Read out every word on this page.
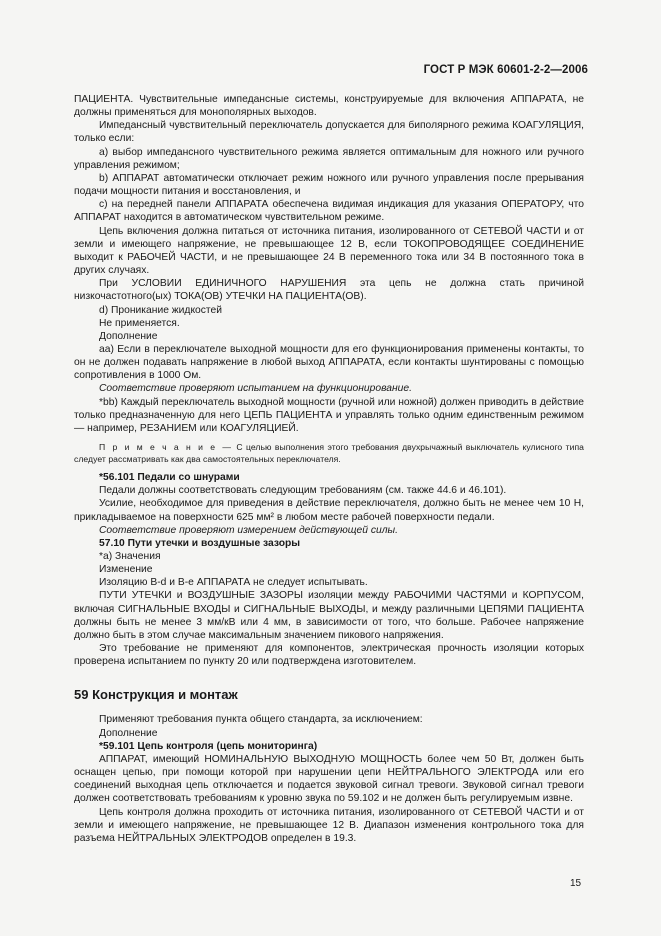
ГОСТ Р МЭК 60601-2-2—2006

ПАЦИЕНТА. Чувствительные импедансные системы, конструируемые для включения АППАРАТА, не должны применяться для монополярных выходов.

Импедансный чувствительный переключатель допускается для биполярного режима КОАГУЛЯЦИЯ, только если:

а) выбор импедансного чувствительного режима является оптимальным для ножного или ручного управления режимом;

b) АППАРАТ автоматически отключает режим ножного или ручного управления после прерывания подачи мощности питания и восстановления, и

с) на передней панели АППАРАТА обеспечена видимая индикация для указания ОПЕРАТОРУ, что АППАРАТ находится в автоматическом чувствительном режиме.

Цепь включения должна питаться от источника питания, изолированного от СЕТЕВОЙ ЧАСТИ и от земли и имеющего напряжение, не превышающее 12 В, если ТОКОПРОВОДЯЩЕЕ СОЕДИНЕНИЕ выходит к РАБОЧЕЙ ЧАСТИ, и не превышающее 24 В переменного тока или 34 В постоянного тока в других случаях.

При УСЛОВИИ ЕДИНИЧНОГО НАРУШЕНИЯ эта цепь не должна стать причиной низкочастотного(ых) ТОКА(ОВ) УТЕЧКИ НА ПАЦИЕНТА(ОВ).

d) Проникание жидкостей

Не применяется.

Дополнение

аа) Если в переключателе выходной мощности для его функционирования применены контакты, то он не должен подавать напряжение в любой выход АППАРАТА, если контакты шунтированы с помощью сопротивления в 1000 Ом.

Соответствие проверяют испытанием на функционирование.

*bb) Каждый переключатель выходной мощности (ручной или ножной) должен приводить в действие только предназначенную для него ЦЕПЬ ПАЦИЕНТА и управлять только одним единственным режимом — например, РЕЗАНИЕМ или КОАГУЛЯЦИЕЙ.

П р и м е ч а н и е — С целью выполнения этого требования двухрычажный выключатель кулисного типа следует рассматривать как два самостоятельных переключателя.

*56.101 Педали со шнурами

Педали должны соответствовать следующим требованиям (см. также 44.6 и 46.101).

Усилие, необходимое для приведения в действие переключателя, должно быть не менее чем 10 Н, прикладываемое на поверхности 625 мм² в любом месте рабочей поверхности педали.

Соответствие проверяют измерением действующей силы.

57.10 Пути утечки и воздушные зазоры

*а) Значения

Изменение

Изоляцию B-d и B-e АППАРАТА не следует испытывать.

ПУТИ УТЕЧКИ и ВОЗДУШНЫЕ ЗАЗОРЫ изоляции между РАБОЧИМИ ЧАСТЯМИ и КОРПУСОМ, включая СИГНАЛЬНЫЕ ВХОДЫ и СИГНАЛЬНЫЕ ВЫХОДЫ, и между различными ЦЕПЯМИ ПАЦИЕНТА должны быть не менее 3 мм/кВ или 4 мм, в зависимости от того, что больше. Рабочее напряжение должно быть в этом случае максимальным значением пикового напряжения.

Это требование не применяют для компонентов, электрическая прочность изоляции которых проверена испытанием по пункту 20 или подтверждена изготовителем.

59 Конструкция и монтаж

Применяют требования пункта общего стандарта, за исключением:

Дополнение

*59.101 Цепь контроля (цепь мониторинга)

АППАРАТ, имеющий НОМИНАЛЬНУЮ ВЫХОДНУЮ МОЩНОСТЬ более чем 50 Вт, должен быть оснащен цепью, при помощи которой при нарушении цепи НЕЙТРАЛЬНОГО ЭЛЕКТРОДА или его соединений выходная цепь отключается и подается звуковой сигнал тревоги. Звуковой сигнал тревоги должен соответствовать требованиям к уровню звука по 59.102 и не должен быть регулируемым извне.

Цепь контроля должна проходить от источника питания, изолированного от СЕТЕВОЙ ЧАСТИ и от земли и имеющего напряжение, не превышающее 12 В. Диапазон изменения контрольного тока для разъема НЕЙТРАЛЬНЫХ ЭЛЕКТРОДОВ определен в 19.3.

15
